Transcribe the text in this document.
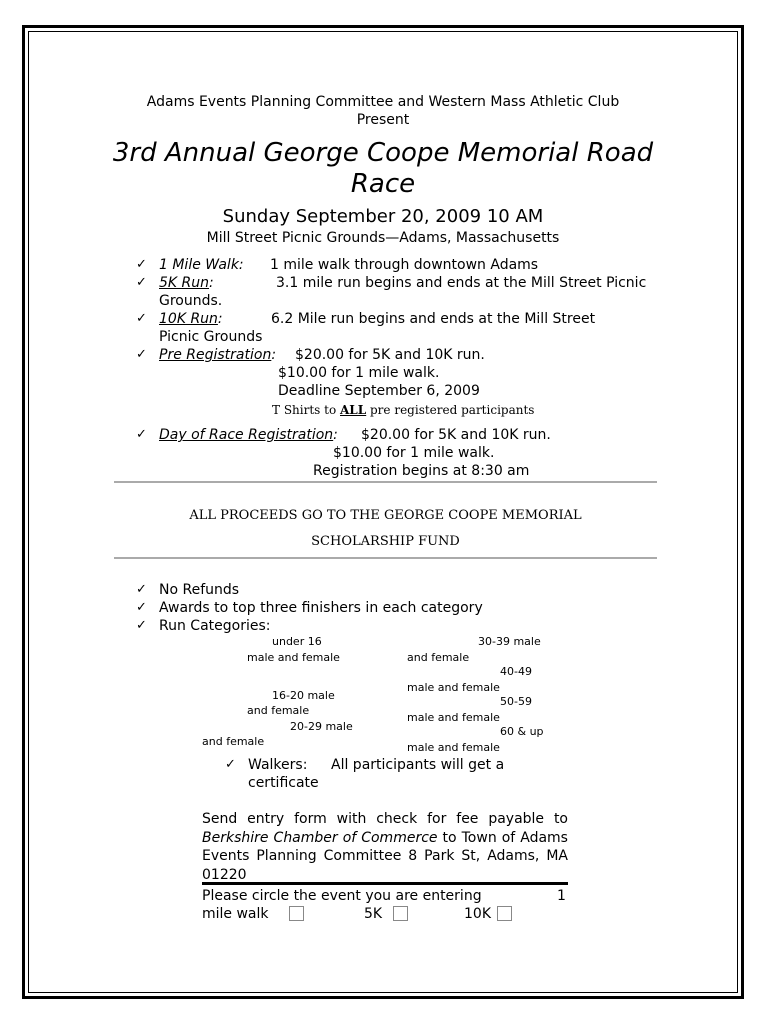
Adams Events Planning Committee and Western Mass Athletic Club
Present
3rd Annual George Coope Memorial Road
Race
Sunday September 20, 2009 10 AM
Mill Street Picnic Grounds—Adams, Massachusetts
✓ 1 Mile Walk: 1 mile walk through downtown Adams
✓ 5K Run:	3.1 mile run begins and ends at the Mill Street Picnic
Grounds.
✓ 10K Run:	6.2 Mile run begins and ends at the Mill Street
Picnic Grounds
✓ Pre Registration: $20.00 for 5K and 10K run.
$10.00 for 1 mile walk.
Deadline September 6, 2009
T Shirts to ALL pre registered participants
✓ Day of Race Registration: $20.00 for 5K and 10K run.
$10.00 for 1 mile walk.
Registration begins at 8:30 am
ALL PROCEEDS GO TO THE GEORGE COOPE MEMORIAL
SCHOLARSHIP FUND
✓ No Refunds
✓ Awards to top three finishers in each category
✓ Run Categories:
under 16
male and female
16-20 male
and female
20-29 male
and female
30-39 male
and female
40-49
male and female
50-59
male and female
60 & up
male and female
✓ Walkers: All participants will get a
certificate
Send entry form with check for fee payable to Berkshire Chamber of Commerce to Town of Adams Events Planning Committee 8 Park St, Adams, MA 01220
Please circle the event you are entering	1
mile walk	5K	10K
